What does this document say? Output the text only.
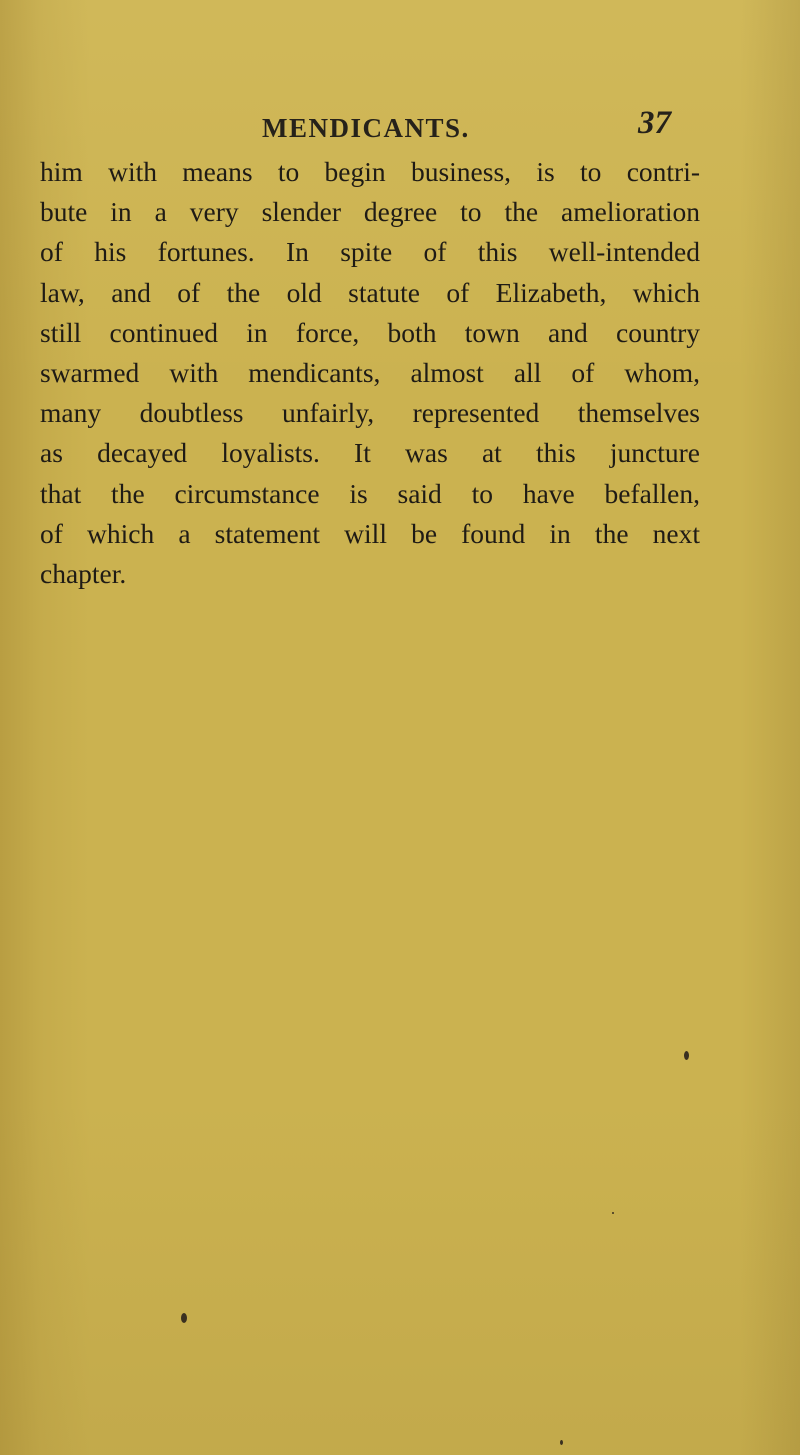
MENDICANTS.	37
him with means to begin business, is to contri-
bute in a very slender degree to the amelioration
of his fortunes. In spite of this well-intended
law, and of the old statute of Elizabeth, which
still continued in force, both town and country
swarmed with mendicants, almost all of whom,
many doubtless unfairly, represented themselves
as decayed loyalists. It was at this juncture
that the circumstance is said to have befallen,
of which a statement will be found in the next
chapter.
